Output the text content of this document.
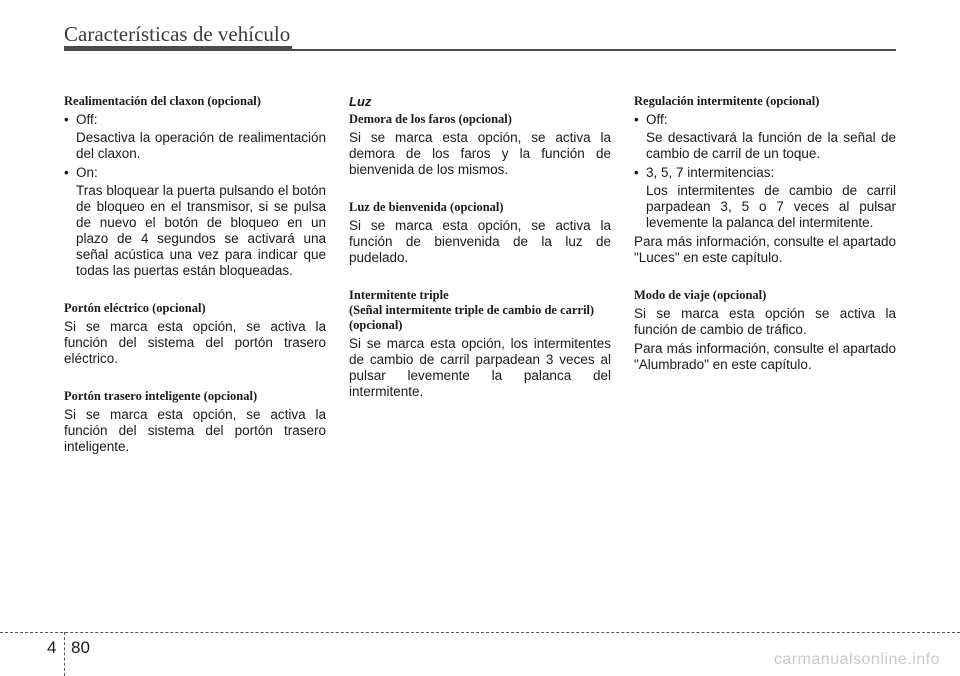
Características de vehículo
Realimentación del claxon (opcional)
• Off:
Desactiva la operación de realimentación del claxon.
• On:
Tras bloquear la puerta pulsando el botón de bloqueo en el transmisor, si se pulsa de nuevo el botón de bloqueo en un plazo de 4 segundos se activará una señal acústica una vez para indicar que todas las puertas están bloqueadas.
Portón eléctrico (opcional)
Si se marca esta opción, se activa la función del sistema del portón trasero eléctrico.
Portón trasero inteligente (opcional)
Si se marca esta opción, se activa la función del sistema del portón trasero inteligente.
Luz
Demora de los faros (opcional)
Si se marca esta opción, se activa la demora de los faros y la función de bienvenida de los mismos.
Luz de bienvenida (opcional)
Si se marca esta opción, se activa la función de bienvenida de la luz de pudelado.
Intermitente triple
(Señal intermitente triple de cambio de carril) (opcional)
Si se marca esta opción, los intermitentes de cambio de carril parpadean 3 veces al pulsar levemente la palanca del intermitente.
Regulación intermitente (opcional)
• Off:
Se desactivará la función de la señal de cambio de carril de un toque.
• 3, 5, 7 intermitencias:
Los intermitentes de cambio de carril parpadean 3, 5 o 7 veces al pulsar levemente la palanca del intermitente.
Para más información, consulte el apartado "Luces" en este capítulo.
Modo de viaje (opcional)
Si se marca esta opción se activa la función de cambio de tráfico.
Para más información, consulte el apartado "Alumbrado" en este capítulo.
4 80
carmanualsonline.info
